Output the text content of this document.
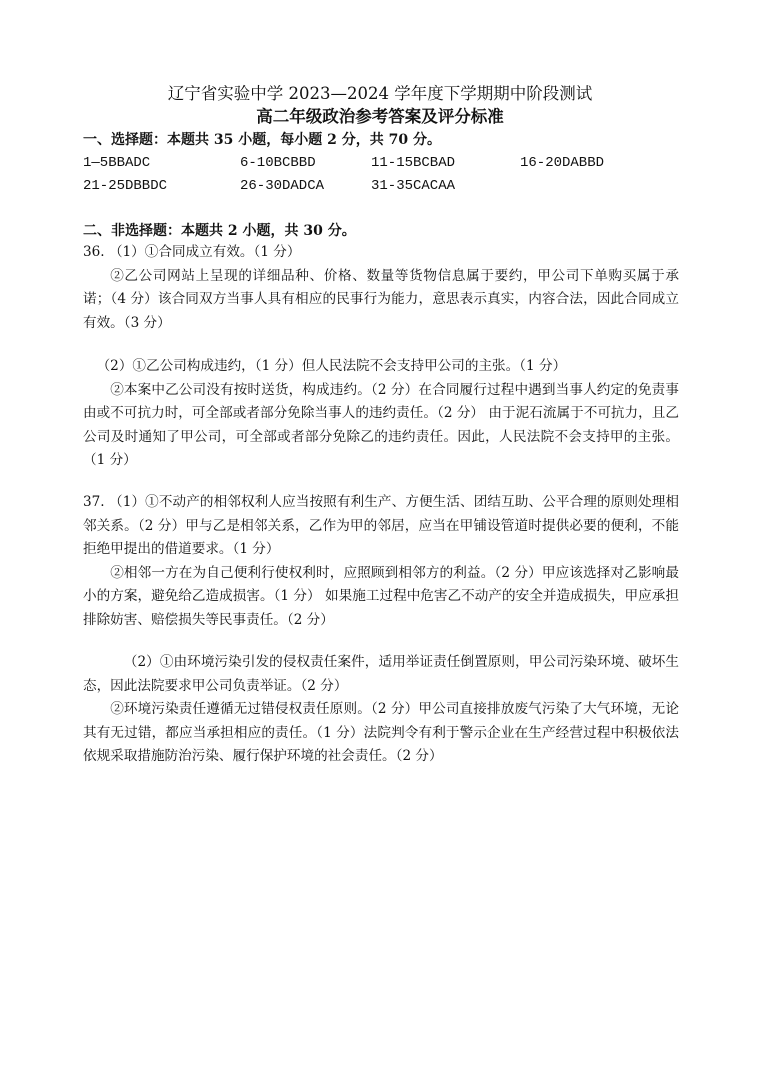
辽宁省实验中学 2023—2024 学年度下学期期中阶段测试
高二年级政治参考答案及评分标准
一、选择题：本题共 35 小题，每小题 2 分，共 70 分。
1—5BBADC	6-10BCBBD	11-15BCBAD	16-20DABBD
21-25DBBDC	26-30DADCA	31-35CACAA
二、非选择题：本题共 2 小题，共 30 分。

36. （1）①合同成立有效。（1 分）

②乙公司网站上呈现的详细品种、价格、数量等货物信息属于要约，甲公司下单购买属于承诺；（4 分）该合同双方当事人具有相应的民事行为能力，意思表示真实，内容合法，因此合同成立有效。（3 分）

（2）①乙公司构成违约，（1 分）但人民法院不会支持甲公司的主张。（1 分）

②本案中乙公司没有按时送货，构成违约。（2 分）在合同履行过程中遇到当事人约定的免责事由或不可抗力时，可全部或者部分免除当事人的违约责任。（2 分） 由于泥石流属于不可抗力，且乙公司及时通知了甲公司，可全部或者部分免除乙的违约责任。因此，人民法院不会支持甲的主张。（1 分）

37. （1）①不动产的相邻权利人应当按照有利生产、方便生活、团结互助、公平合理的原则处理相邻关系。（2 分）甲与乙是相邻关系，乙作为甲的邻居，应当在甲铺设管道时提供必要的便利，不能拒绝甲提出的借道要求。（1 分）

②相邻一方在为自己便利行使权利时，应照顾到相邻方的利益。（2 分）甲应该选择对乙影响最小的方案，避免给乙造成损害。（1 分） 如果施工过程中危害乙不动产的安全并造成损失，甲应承担排除妨害、赔偿损失等民事责任。（2 分）

（2）①由环境污染引发的侵权责任案件，适用举证责任倒置原则，甲公司污染环境、破坏生态，因此法院要求甲公司负责举证。（2 分）

②环境污染责任遵循无过错侵权责任原则。（2 分）甲公司直接排放废气污染了大气环境，无论其有无过错，都应当承担相应的责任。（1 分）法院判令有利于警示企业在生产经营过程中积极依法依规采取措施防治污染、履行保护环境的社会责任。（2 分）
